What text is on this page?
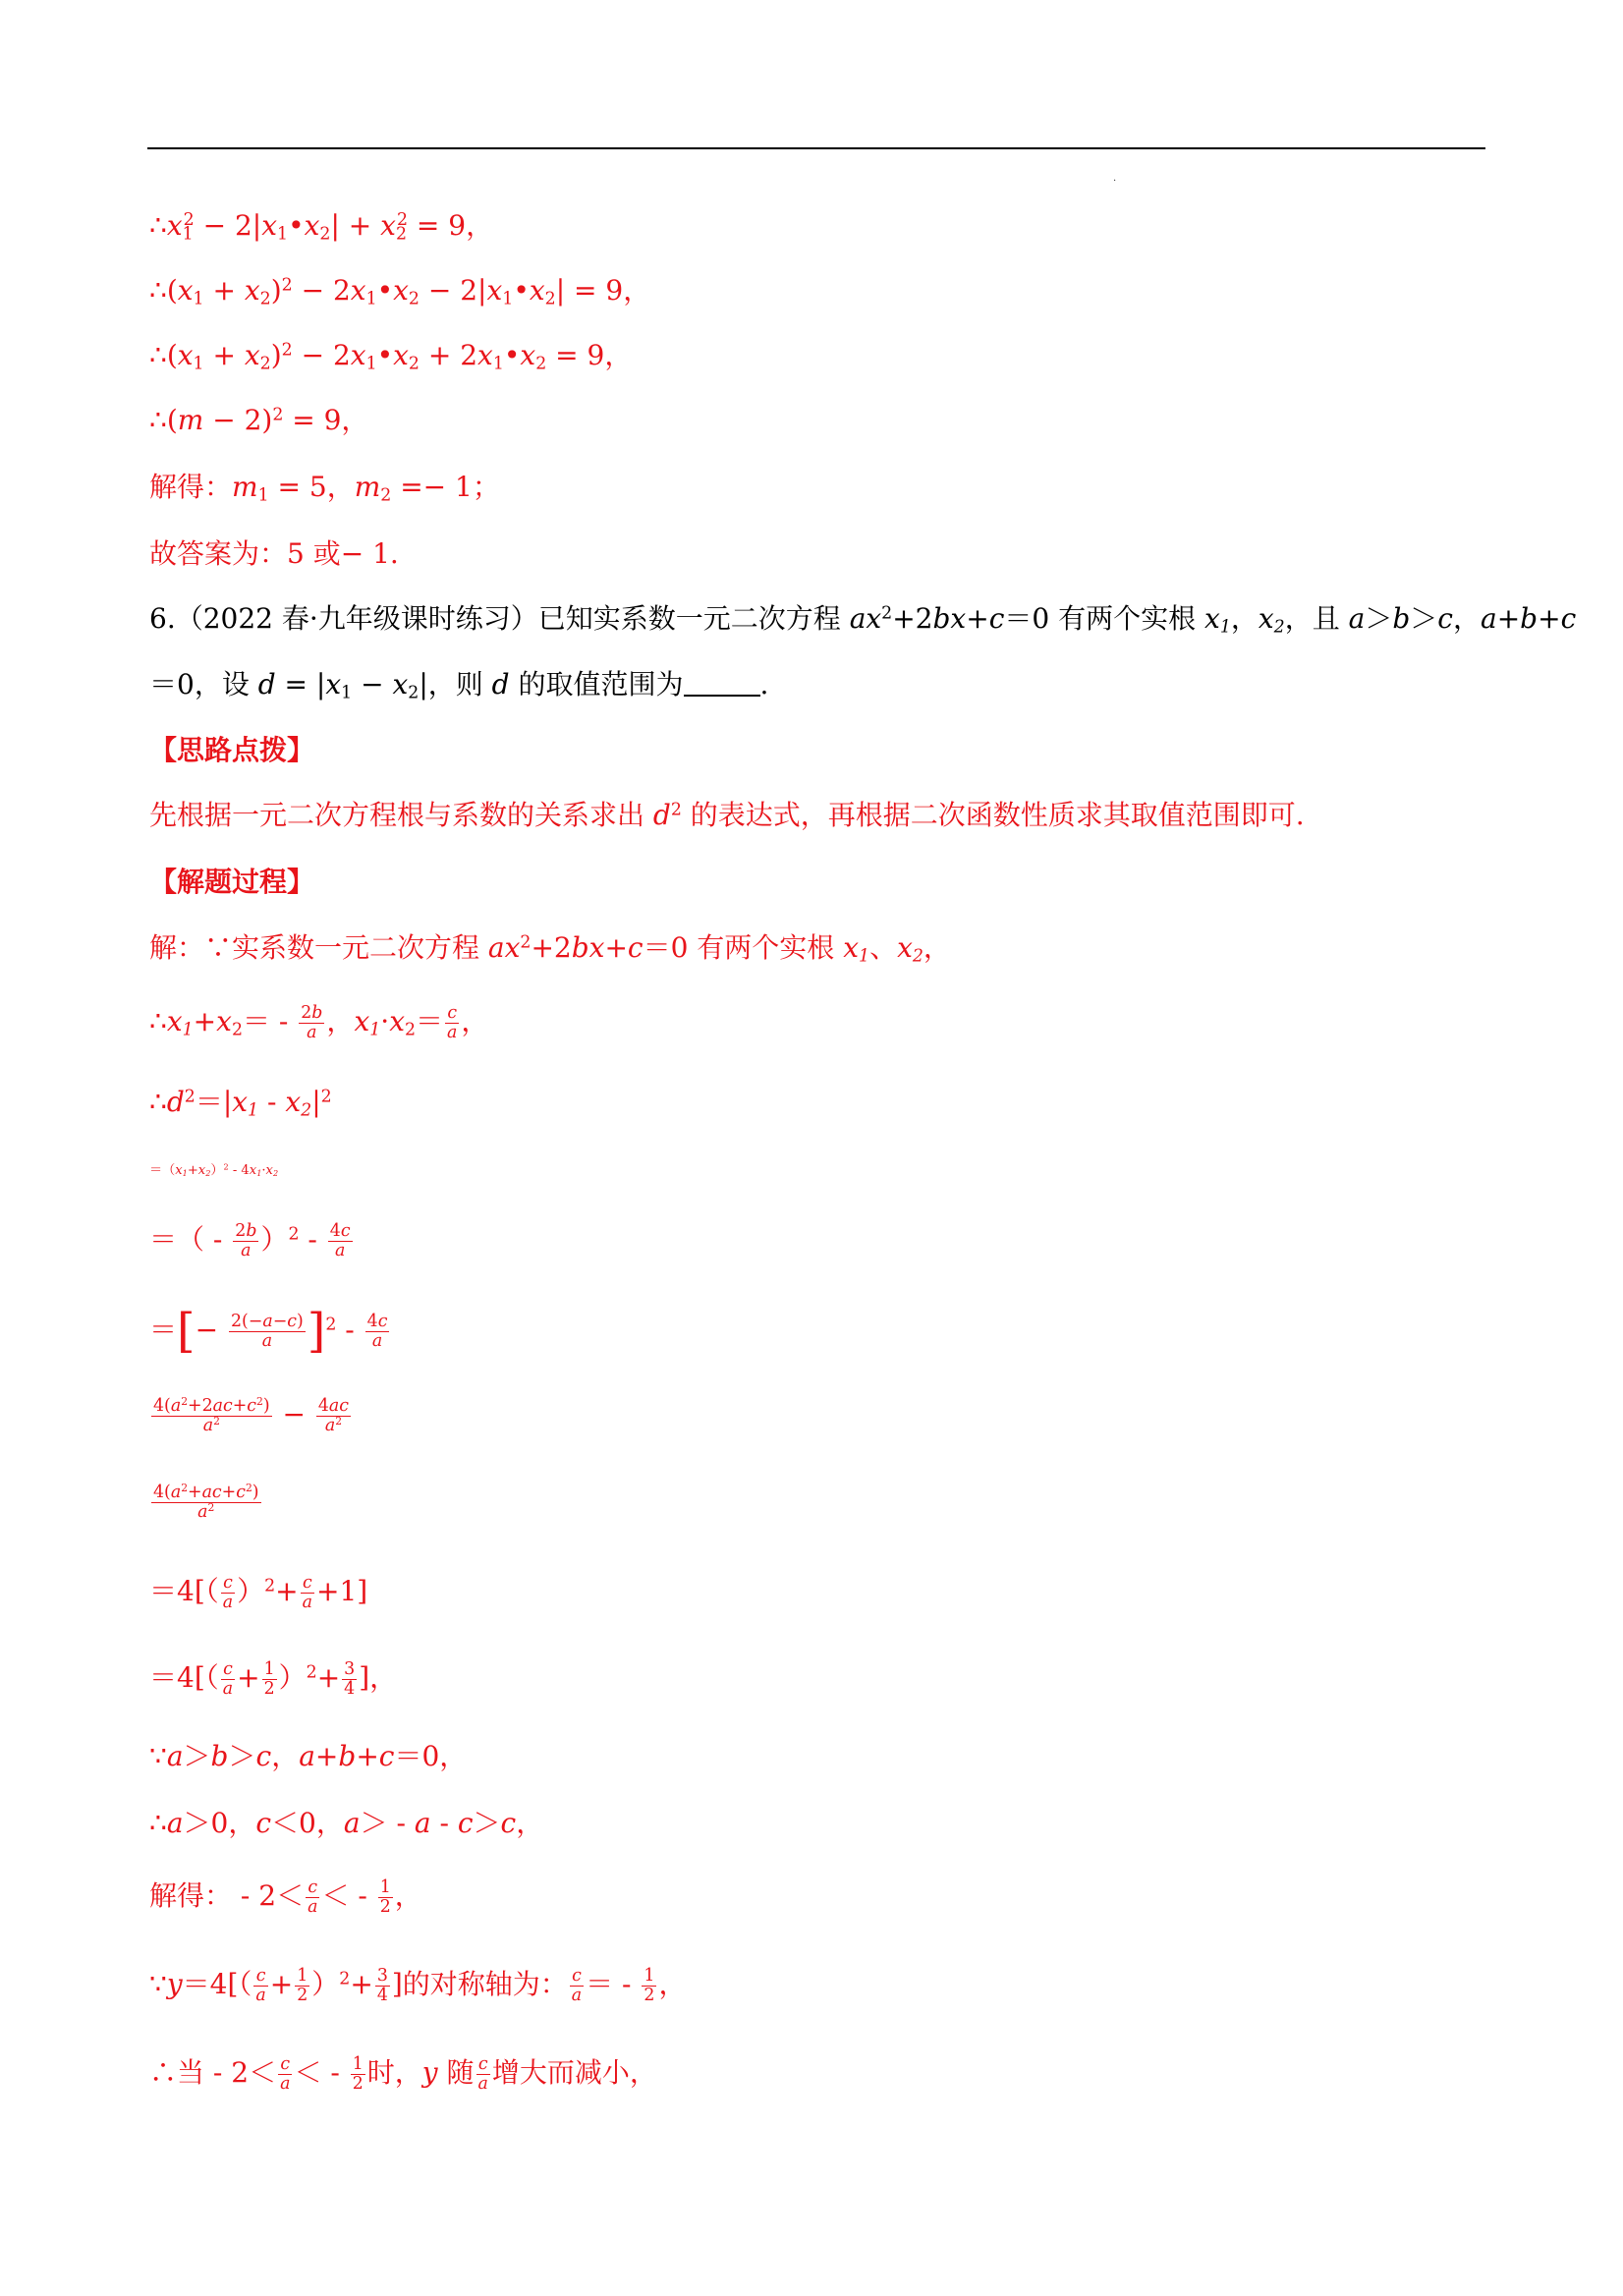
.
$\therefore x_1^2$ − $2|x_1•x_2| + x_2^2 = 9$，
$\therefore(x_1 + x_2)^2$ − $2x_1•x_2$ − $2|x_1•x_2| = 9$，
$\therefore(x_1 + x_2)^2$ − $2x_1•x_2$ + $2x_1•x_2 = 9$，
∴(m − 2)$^2$ = 9，
解得：$m_1 = 5$，$m_2 =- 1$；
故答案为：5 或− 1.
6.（2022 春·九年级课时练习）已知实系数一元二次方程 $ax^2+2bx+c=0$ 有两个实根 $x_1$，$x_2$，且 a＞b＞c，a+b+c
＝0，设 $d = |x_1 - x_2|$，则 d 的取值范围为	.
【思路点拨】
先根据一元二次方程根与系数的关系求出 $d^2$ 的表达式，再根据二次函数性质求其取值范围即可.
【解题过程】
解：∵实系数一元二次方程 $ax^2+2bx+c=0$ 有两个实根 $x_1$、$x_2$，
$\therefore x_1+x_2= - \frac{2b}{a}$ ，$x_1\cdot x_2= \frac{c}{a}$ ，
$\therefore d^2=|x_1 - x_2|^2$
$=(x_1+x_2)^2 - 4x_1\cdot x_2$
＝（ - $\frac{2b}{a} )^2 - \frac{4c}{a}$
＝[− $\frac{2(-a-c)}{a} ]^2 - \frac{4c}{a}$
$\frac{4(a^2+2ac+c^2)}{a^2} - \frac{4ac}{a^2}$
$\frac{4(a^2+ac+c^2)}{a^2}$
$=4[( \frac{c}{a} )^2+ \frac{c}{a} +1]$
$=4[( \frac{c}{a} + \frac{1}{2} )^2+ \frac{3}{4}$ ]，
∵a＞b＞c，a+b+c＝0，
∴a＞0，c＜0，a＞ - a - c＞c，
解得： - $2< \frac{c}{a}$ ＜ - $\frac{1}{2}$ ，
∵y＝4[（ $\frac{c}{a} + \frac{1}{2} )^2+ \frac{3}{4}$ ]的对称轴为： $\frac{c}{a}$ ＝ - $\frac{1}{2}$ ，
∴当 - $2< \frac{c}{a}$ ＜ - $\frac{1}{2}$ 时，y 随 $\frac{c}{a}$ 增大而减小，
